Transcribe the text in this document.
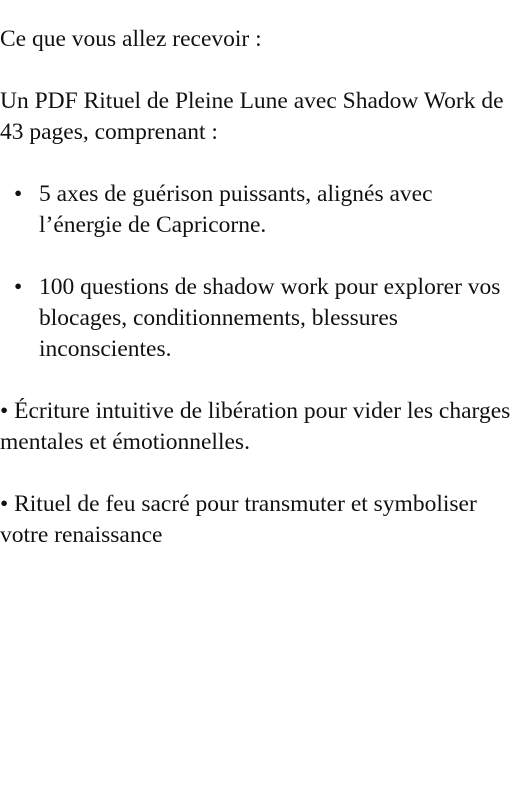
Ce que vous allez recevoir :

Un PDF Rituel de Pleine Lune avec Shadow Work de 43 pages, comprenant :

• 5 axes de guérison puissants, alignés avec l’énergie de Capricorne.
• 100 questions de shadow work pour explorer vos blocages, conditionnements, blessures inconscientes.

• Écriture intuitive de libération pour vider les charges mentales et émotionnelles.

• Rituel de feu sacré pour transmuter et symboliser votre renaissance
